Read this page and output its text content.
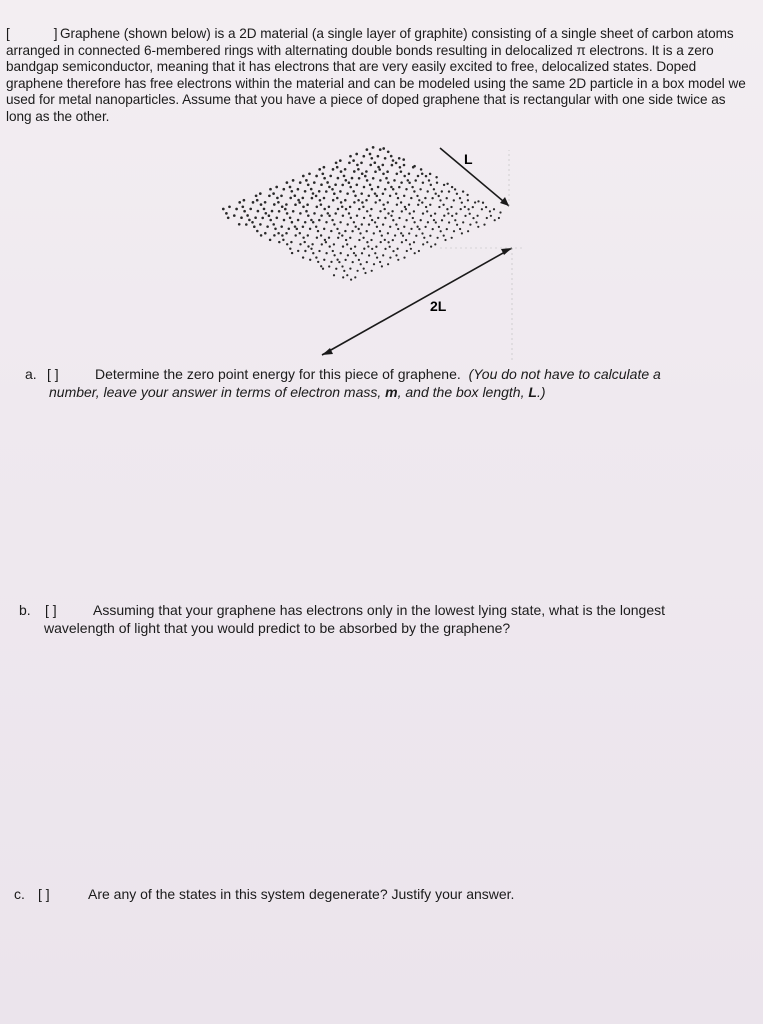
[	] Graphene (shown below) is a 2D material (a single layer of graphite) consisting of a single sheet of carbon atoms arranged in connected 6-membered rings with alternating double bonds resulting in delocalized π electrons. It is a zero bandgap semiconductor, meaning that it has electrons that are very easily excited to free, delocalized states. Doped graphene therefore has free electrons within the material and can be modeled using the same 2D particle in a box model we used for metal nanoparticles. Assume that you have a piece of doped graphene that is rectangular with one side twice as long as the other.
L
2L
a. [ ]	Determine the zero point energy for this piece of graphene. (You do not have to calculate a
number, leave your answer in terms of electron mass, m, and the box length, L.)
b. [ ]	Assuming that your graphene has electrons only in the lowest lying state, what is the longest
wavelength of light that you would predict to be absorbed by the graphene?
c. [ ]	Are any of the states in this system degenerate? Justify your answer.
